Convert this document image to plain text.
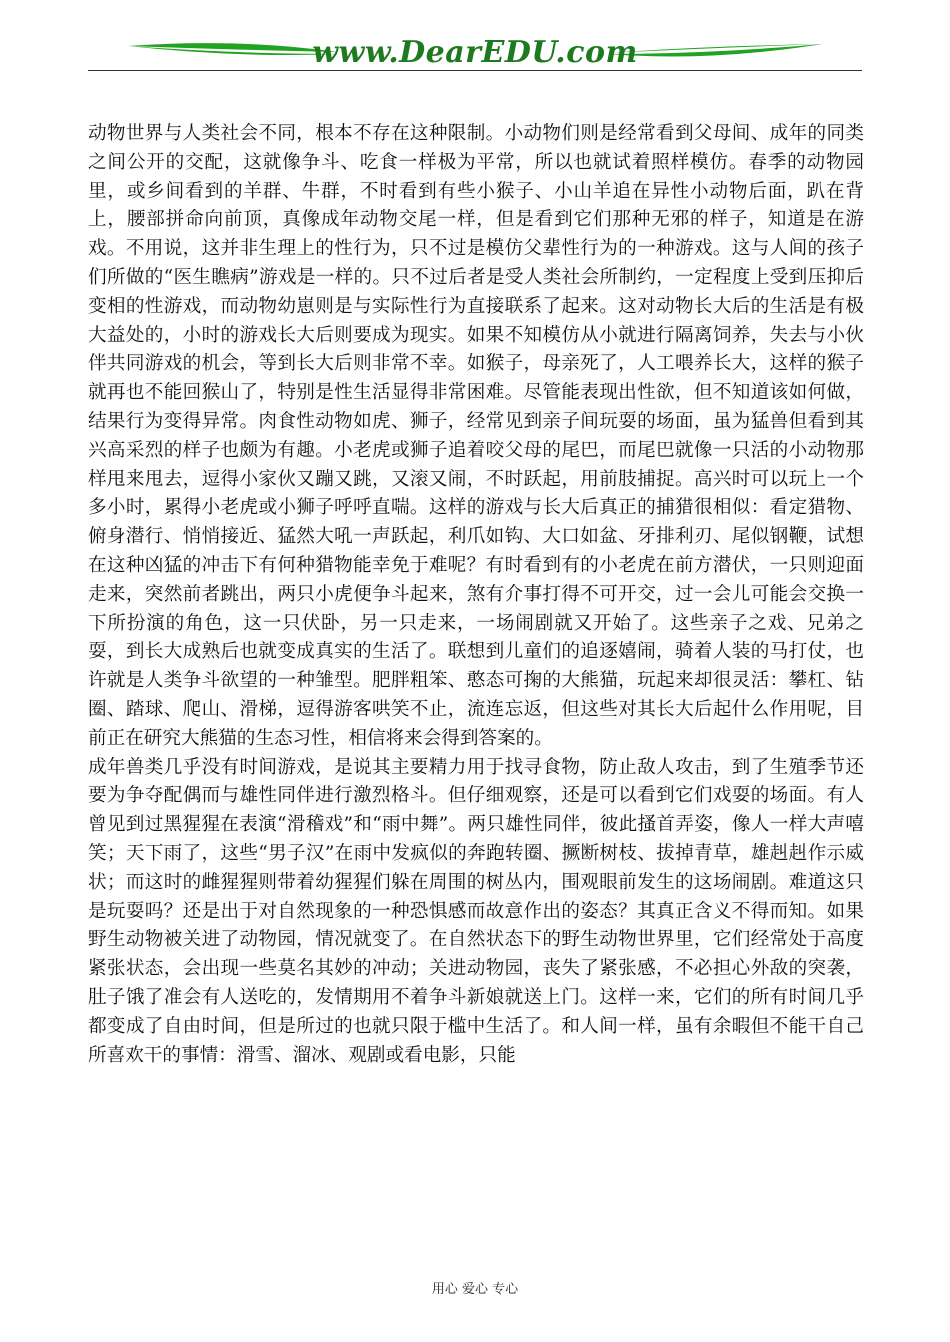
www.DearEDU.com

动物世界与人类社会不同，根本不存在这种限制。小动物们则是经常看到父母间、成年的同类之间公开的交配，这就像争斗、吃食一样极为平常，所以也就试着照样模仿。春季的动物园里，或乡间看到的羊群、牛群，不时看到有些小猴子、小山羊追在异性小动物后面，趴在背上，腰部拼命向前顶，真像成年动物交尾一样，但是看到它们那种无邪的样子，知道是在游戏。不用说，这并非生理上的性行为，只不过是模仿父辈性行为的一种游戏。这与人间的孩子们所做的“医生瞧病”游戏是一样的。只不过后者是受人类社会所制约，一定程度上受到压抑后变相的性游戏，而动物幼崽则是与实际性行为直接联系了起来。这对动物长大后的生活是有极大益处的，小时的游戏长大后则要成为现实。如果不知模仿从小就进行隔离饲养，失去与小伙伴共同游戏的机会，等到长大后则非常不幸。如猴子，母亲死了，人工喂养长大，这样的猴子就再也不能回猴山了，特别是性生活显得非常困难。尽管能表现出性欲，但不知道该如何做，结果行为变得异常。肉食性动物如虎、狮子，经常见到亲子间玩耍的场面，虽为猛兽但看到其兴高采烈的样子也颇为有趣。小老虎或狮子追着咬父母的尾巴，而尾巴就像一只活的小动物那样甩来甩去，逗得小家伙又蹦又跳，又滚又闹，不时跃起，用前肢捕捉。高兴时可以玩上一个多小时，累得小老虎或小狮子呼呼直喘。这样的游戏与长大后真正的捕猎很相似：看定猎物、俯身潜行、悄悄接近、猛然大吼一声跃起，利爪如钩、大口如盆、牙排利刃、尾似钢鞭，试想在这种凶猛的冲击下有何种猎物能幸免于难呢？有时看到有的小老虎在前方潜伏，一只则迎面走来，突然前者跳出，两只小虎便争斗起来，煞有介事打得不可开交，过一会儿可能会交换一下所扮演的角色，这一只伏卧，另一只走来，一场闹剧就又开始了。这些亲子之戏、兄弟之耍，到长大成熟后也就变成真实的生活了。联想到儿童们的追逐嬉闹，骑着人装的马打仗，也许就是人类争斗欲望的一种雏型。肥胖粗笨、憨态可掬的大熊猫，玩起来却很灵活：攀杠、钻圈、踏球、爬山、滑梯，逗得游客哄笑不止，流连忘返，但这些对其长大后起什么作用呢，目前正在研究大熊猫的生态习性，相信将来会得到答案的。

成年兽类几乎没有时间游戏，是说其主要精力用于找寻食物，防止敌人攻击，到了生殖季节还要为争夺配偶而与雄性同伴进行激烈格斗。但仔细观察，还是可以看到它们戏耍的场面。有人曾见到过黑猩猩在表演“滑稽戏”和“雨中舞”。两只雄性同伴，彼此搔首弄姿，像人一样大声嘻笑；天下雨了，这些“男子汉”在雨中发疯似的奔跑转圈、撅断树枝、拔掉青草，雄赳赳作示威状；而这时的雌猩猩则带着幼猩猩们躲在周围的树丛内，围观眼前发生的这场闹剧。难道这只是玩耍吗？还是出于对自然现象的一种恐惧感而故意作出的姿态？其真正含义不得而知。如果野生动物被关进了动物园，情况就变了。在自然状态下的野生动物世界里，它们经常处于高度紧张状态，会出现一些莫名其妙的冲动；关进动物园，丧失了紧张感，不必担心外敌的突袭，肚子饿了准会有人送吃的，发情期用不着争斗新娘就送上门。这样一来，它们的所有时间几乎都变成了自由时间，但是所过的也就只限于槛中生活了。和人间一样，虽有余暇但不能干自己所喜欢干的事情：滑雪、溜冰、观剧或看电影，只能

用心 爱心 专心
